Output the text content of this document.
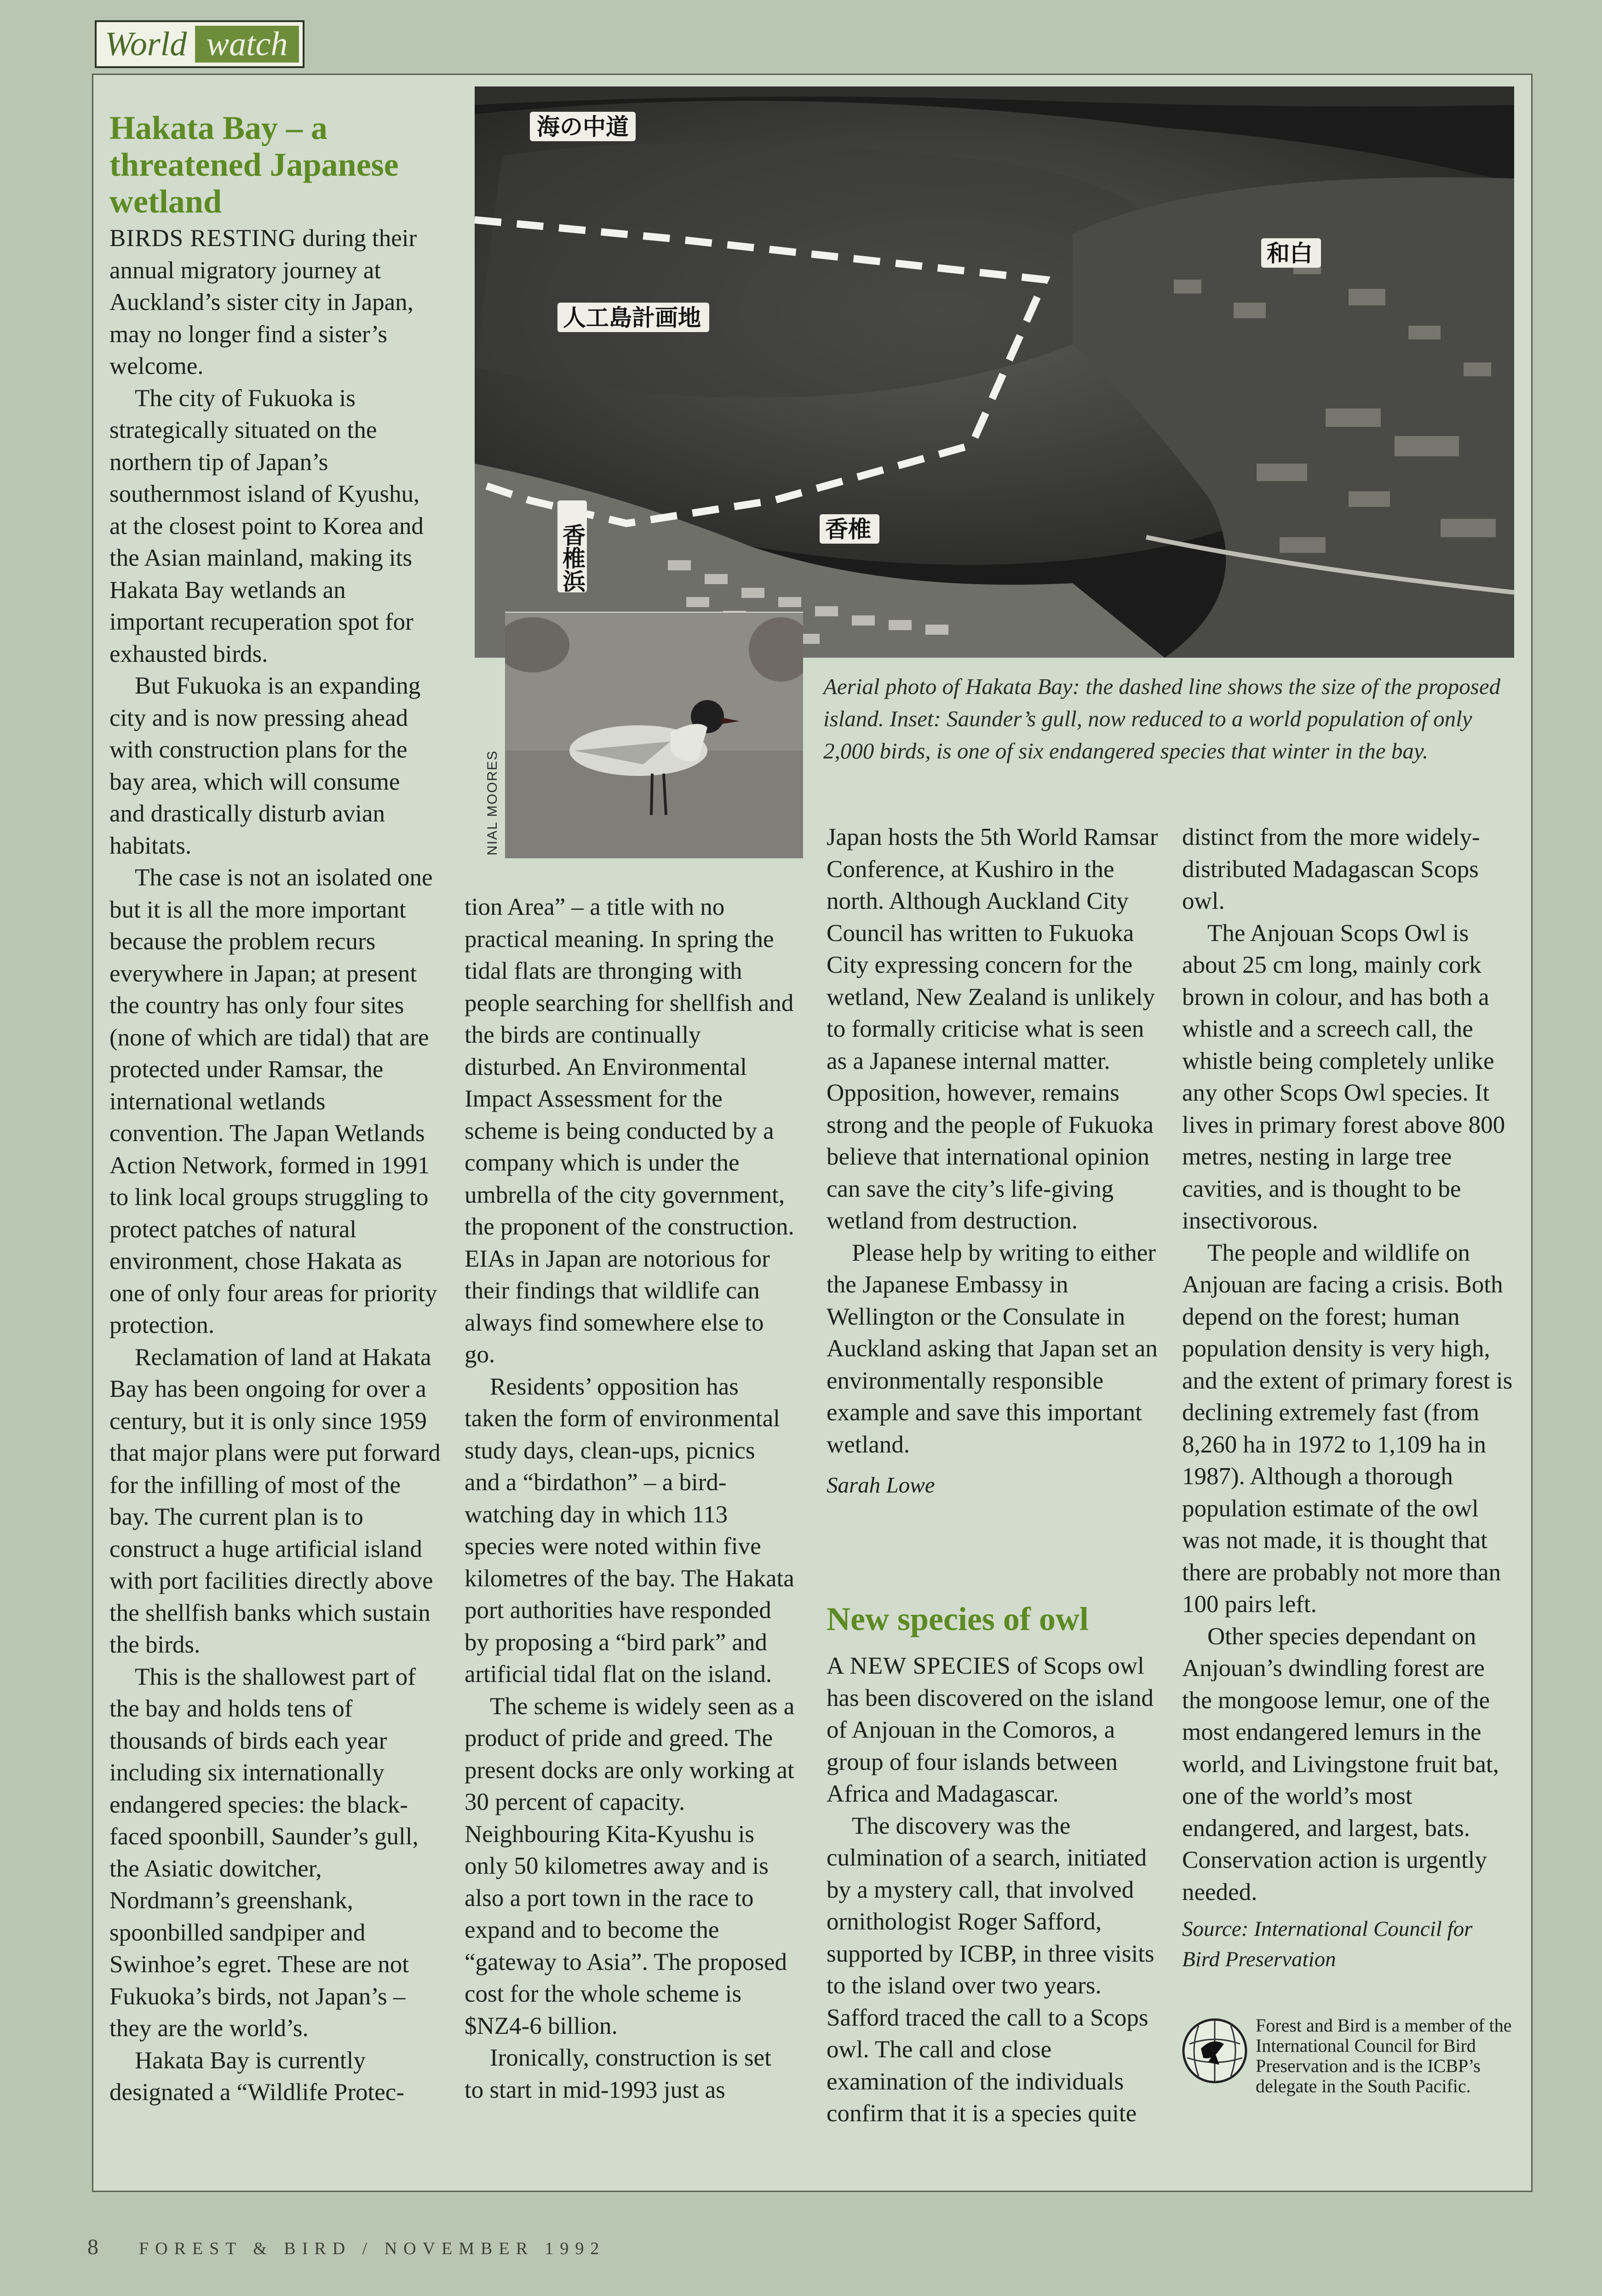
World watch
Hakata Bay – a threatened Japanese wetland

BIRDS RESTING during their annual migratory journey at Auckland’s sister city in Japan, may no longer find a sister’s welcome.

The city of Fukuoka is strategically situated on the northern tip of Japan’s southernmost island of Kyushu, at the closest point to Korea and the Asian mainland, making its Hakata Bay wetlands an important recuperation spot for exhausted birds.

But Fukuoka is an expanding city and is now pressing ahead with construction plans for the bay area, which will consume and drastically disturb avian habitats.

The case is not an isolated one but it is all the more important because the problem recurs everywhere in Japan; at present the country has only four sites (none of which are tidal) that are protected under Ramsar, the international wetlands convention. The Japan Wetlands Action Network, formed in 1991 to link local groups struggling to protect patches of natural environment, chose Hakata as one of only four areas for priority protection.

Reclamation of land at Hakata Bay has been ongoing for over a century, but it is only since 1959 that major plans were put forward for the infilling of most of the bay. The current plan is to construct a huge artificial island with port facilities directly above the shellfish banks which sustain the birds.

This is the shallowest part of the bay and holds tens of thousands of birds each year including six internationally endangered species: the black-faced spoonbill, Saunder’s gull, the Asiatic dowitcher, Nordmann’s greenshank, spoonbilled sandpiper and Swinhoe’s egret. These are not Fukuoka’s birds, not Japan’s – they are the world’s.

Hakata Bay is currently designated a “Wildlife Protec-

海の中道
和白
人工島計画地
香椎
香椎浜
Aerial photo of Hakata Bay: the dashed line shows the size of the proposed island. Inset: Saunder’s gull, now reduced to a world population of only 2,000 birds, is one of six endangered species that winter in the bay.

tion Area” – a title with no practical meaning. In spring the tidal flats are thronging with people searching for shellfish and the birds are continually disturbed. An Environmental Impact Assessment for the scheme is being conducted by a company which is under the umbrella of the city government, the proponent of the construction. EIAs in Japan are notorious for their findings that wildlife can always find somewhere else to go.

Residents’ opposition has taken the form of environmental study days, clean-ups, picnics and a “birdathon” – a bird-watching day in which 113 species were noted within five kilometres of the bay. The Hakata port authorities have responded by proposing a “bird park” and artificial tidal flat on the island.

The scheme is widely seen as a product of pride and greed. The present docks are only working at 30 percent of capacity. Neighbouring Kita-Kyushu is only 50 kilometres away and is also a port town in the race to expand and to become the “gateway to Asia”. The proposed cost for the whole scheme is $NZ4-6 billion.

Ironically, construction is set to start in mid-1993 just as

Japan hosts the 5th World Ramsar Conference, at Kushiro in the north. Although Auckland City Council has written to Fukuoka City expressing concern for the wetland, New Zealand is unlikely to formally criticise what is seen as a Japanese internal matter. Opposition, however, remains strong and the people of Fukuoka believe that international opinion can save the city’s life-giving wetland from destruction.

Please help by writing to either the Japanese Embassy in Wellington or the Consulate in Auckland asking that Japan set an environmentally responsible example and save this important wetland.

Sarah Lowe

New species of owl

A NEW SPECIES of Scops owl has been discovered on the island of Anjouan in the Comoros, a group of four islands between Africa and Madagascar.

The discovery was the culmination of a search, initiated by a mystery call, that involved ornithologist Roger Safford, supported by ICBP, in three visits to the island over two years. Safford traced the call to a Scops owl. The call and close examination of the individuals confirm that it is a species quite

distinct from the more widely-distributed Madagascan Scops owl.

The Anjouan Scops Owl is about 25 cm long, mainly cork brown in colour, and has both a whistle and a screech call, the whistle being completely unlike any other Scops Owl species. It lives in primary forest above 800 metres, nesting in large tree cavities, and is thought to be insectivorous.

The people and wildlife on Anjouan are facing a crisis. Both depend on the forest; human population density is very high, and the extent of primary forest is declining extremely fast (from 8,260 ha in 1972 to 1,109 ha in 1987). Although a thorough population estimate of the owl was not made, it is thought that there are probably not more than 100 pairs left.

Other species dependant on Anjouan’s dwindling forest are the mongoose lemur, one of the most endangered lemurs in the world, and Livingstone fruit bat, one of the world’s most endangered, and largest, bats. Conservation action is urgently needed.

Source: International Council for Bird Preservation

Forest and Bird is a member of the International Council for Bird Preservation and is the ICBP’s delegate in the South Pacific.
8 FOREST & BIRD / NOVEMBER 1992
